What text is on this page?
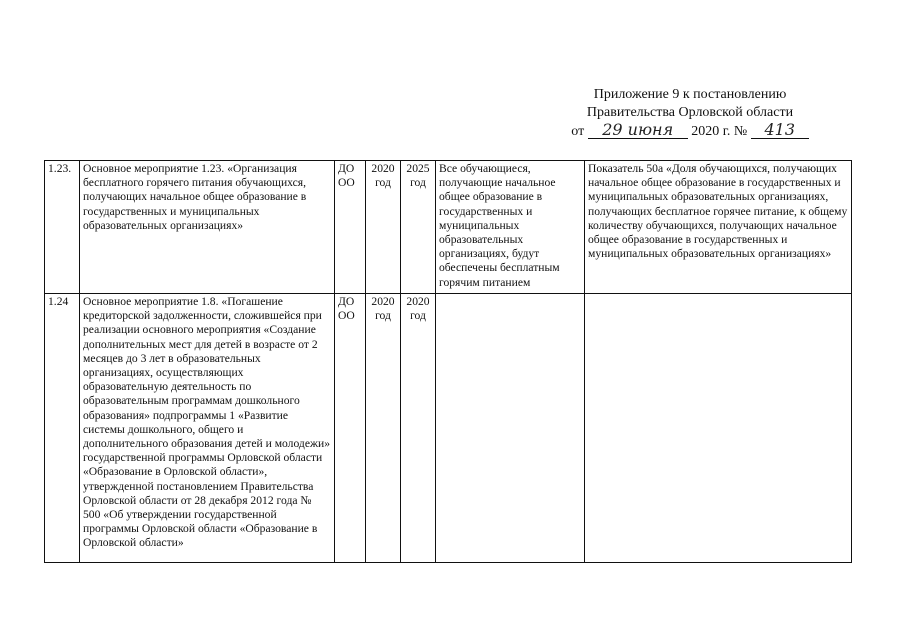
Приложение 9 к постановлению
Правительства Орловской области
от 29 июня 2020 г. № 413
1.23.	Основное мероприятие 1.23. «Организация бесплатного горячего питания обучающихся, получающих начальное общее образование в государственных и муниципальных образовательных организациях»	ДО ОО	2020 год	2025 год	Все обучающиеся, получающие начальное общее образование в государственных и муниципальных образовательных организациях, будут обеспечены бесплатным горячим питанием	Показатель 50а «Доля обучающихся, получающих начальное общее образование в государственных и муниципальных образовательных организациях, получающих бесплатное горячее питание, к общему количеству обучающихся, получающих начальное общее образование в государственных и муниципальных образовательных организациях»
1.24	Основное мероприятие 1.8. «Погашение кредиторской задолженности, сложившейся при реализации основного мероприятия «Создание дополнительных мест для детей в возрасте от 2 месяцев до 3 лет в образовательных организациях, осуществляющих образовательную деятельность по образовательным программам дошкольного образования» подпрограммы 1 «Развитие системы дошкольного, общего и дополнительного образования детей и молодежи» государственной программы Орловской области «Образование в Орловской области», утвержденной постановлением Правительства Орловской области от 28 декабря 2012 года № 500 «Об утверждении государственной программы Орловской области «Образование в Орловской области»	ДО ОО	2020 год	2020 год		
